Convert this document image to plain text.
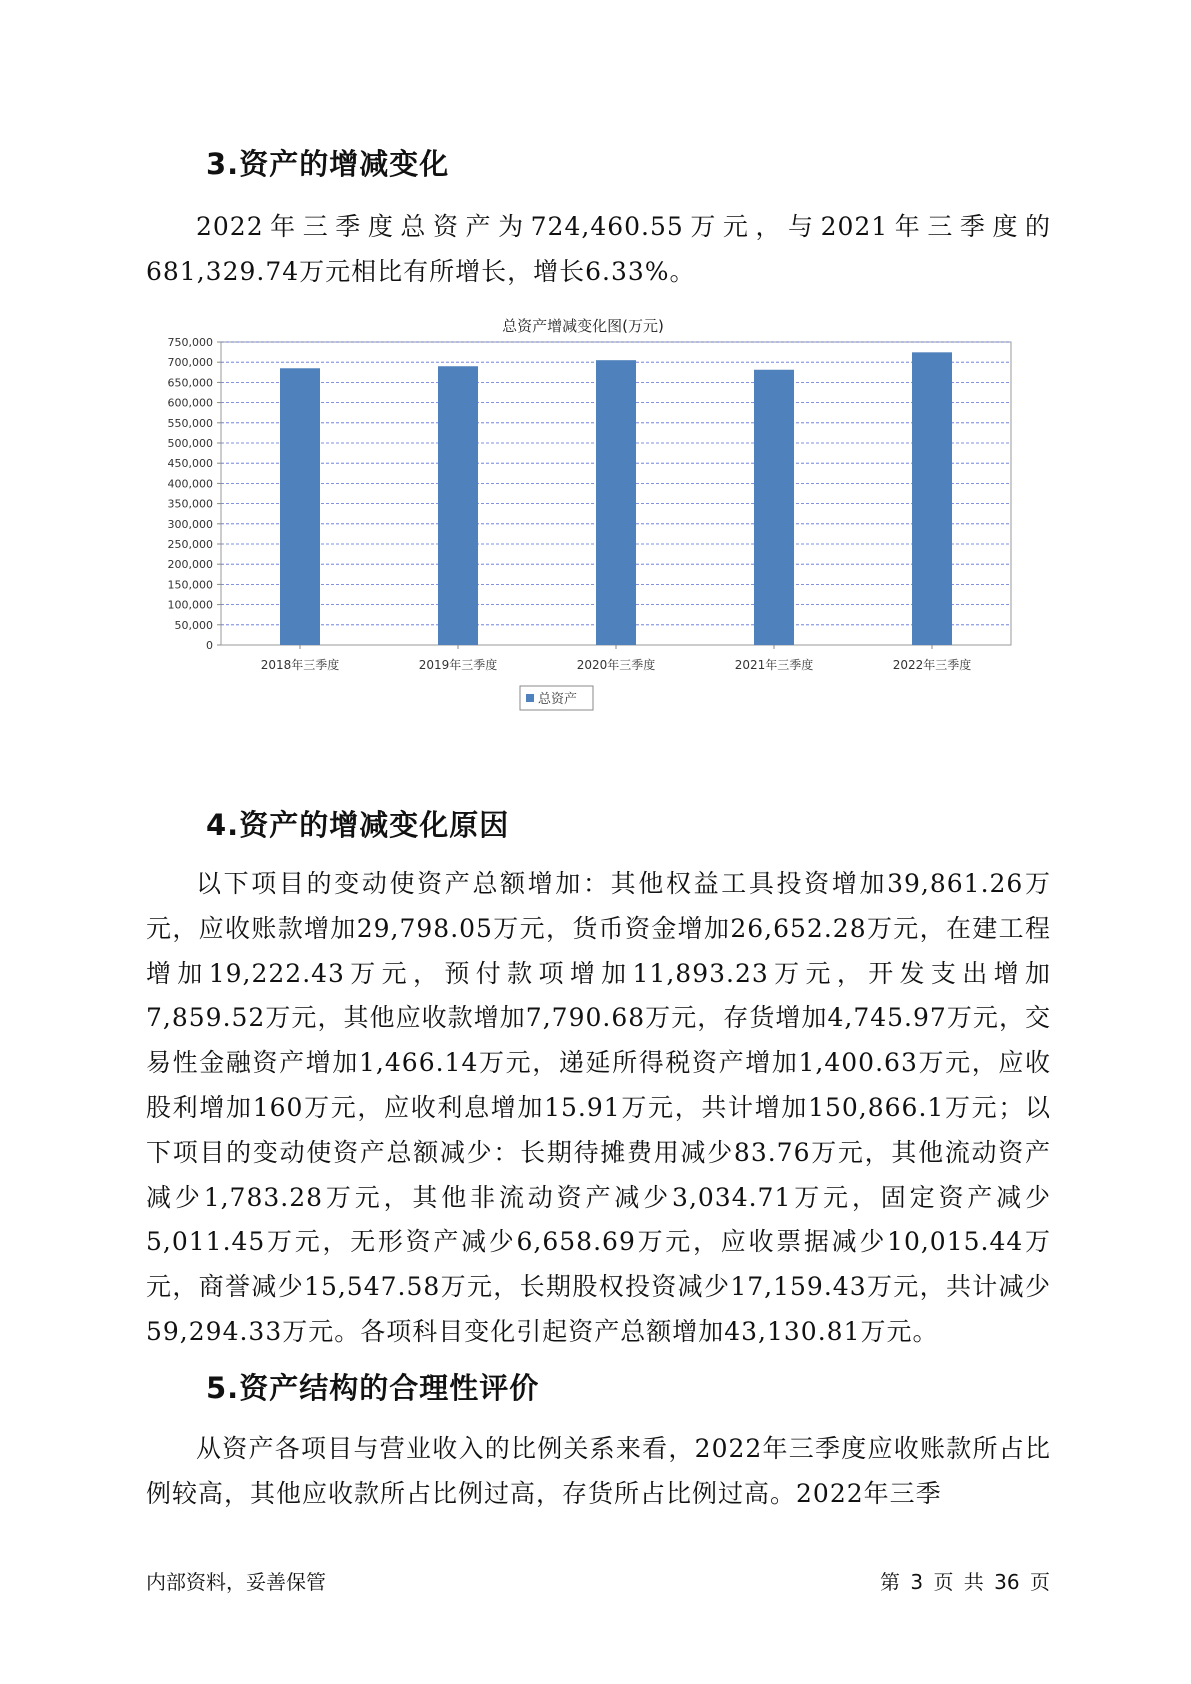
3.资产的增减变化

2022年三季度总资产为724,460.55万元，与2021年三季度的681,329.74万元相比有所增长，增长6.33%。

总资产增减变化图(万元)
0
50,000
100,000
150,000
200,000
250,000
300,000
350,000
400,000
450,000
500,000
550,000
600,000
650,000
700,000
750,000
2018年三季度	2019年三季度	2020年三季度	2021年三季度	2022年三季度
总资产
4.资产的增减变化原因

以下项目的变动使资产总额增加：其他权益工具投资增加39,861.26万元，应收账款增加29,798.05万元，货币资金增加26,652.28万元，在建工程增加19,222.43万元，预付款项增加11,893.23万元，开发支出增加7,859.52万元，其他应收款增加7,790.68万元，存货增加4,745.97万元，交易性金融资产增加1,466.14万元，递延所得税资产增加1,400.63万元，应收股利增加160万元，应收利息增加15.91万元，共计增加150,866.1万元；以下项目的变动使资产总额减少：长期待摊费用减少83.76万元，其他流动资产减少1,783.28万元，其他非流动资产减少3,034.71万元，固定资产减少5,011.45万元，无形资产减少6,658.69万元，应收票据减少10,015.44万元，商誉减少15,547.58万元，长期股权投资减少17,159.43万元，共计减少59,294.33万元。各项科目变化引起资产总额增加43,130.81万元。

5.资产结构的合理性评价

从资产各项目与营业收入的比例关系来看，2022年三季度应收账款所占比例较高，其他应收款所占比例过高，存货所占比例过高。2022年三季

内部资料，妥善保管	第 3 页 共 36 页
